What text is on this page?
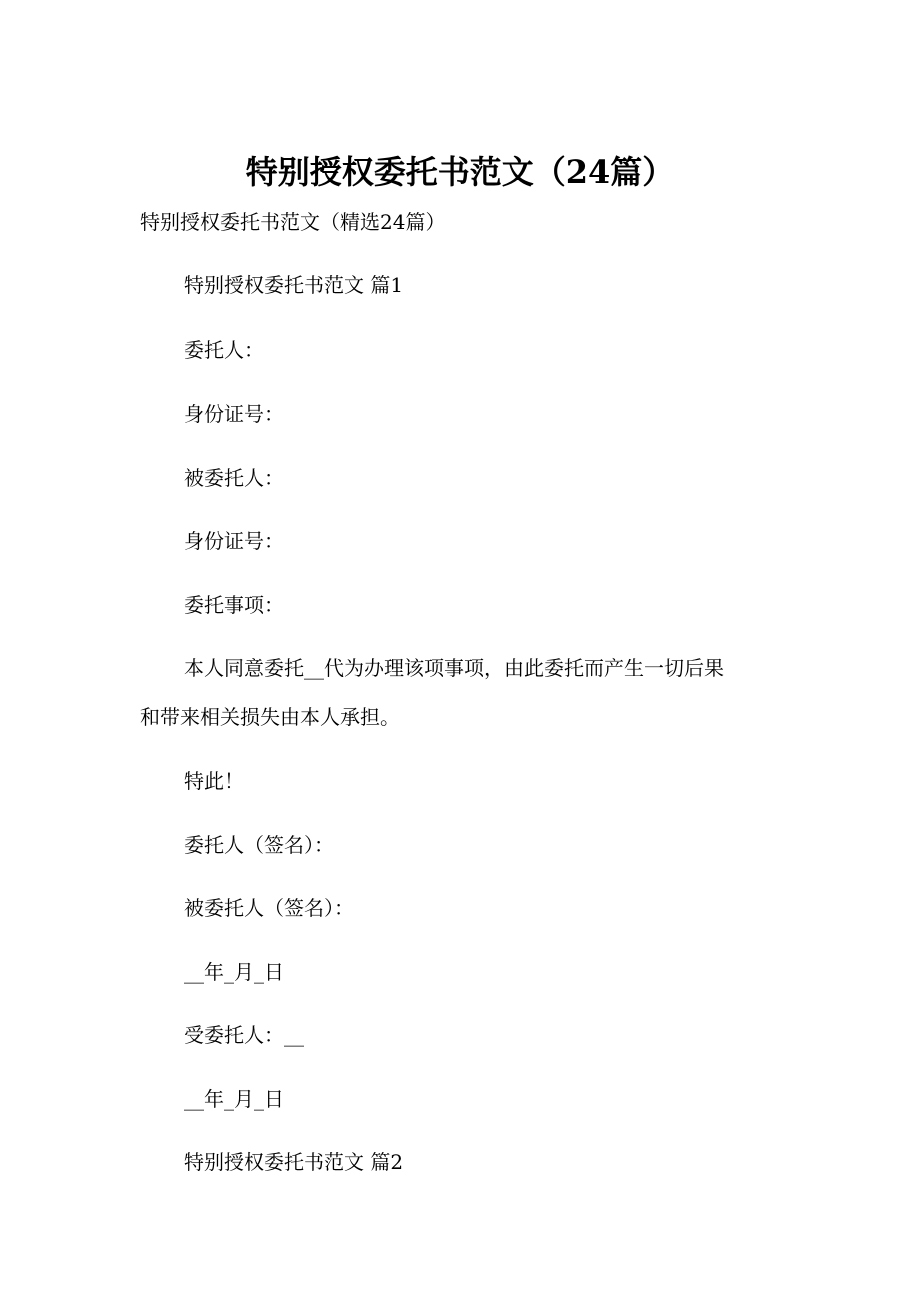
特别授权委托书范文（24篇）

特别授权委托书范文（精选24篇）

特别授权委托书范文 篇1

委托人：

身份证号：

被委托人：

身份证号：

委托事项：

本人同意委托__代为办理该项事项，由此委托而产生一切后果

和带来相关损失由本人承担。

特此！

委托人（签名）：

被委托人（签名）：

__年_月_日

受委托人：__

__年_月_日

特别授权委托书范文 篇2
